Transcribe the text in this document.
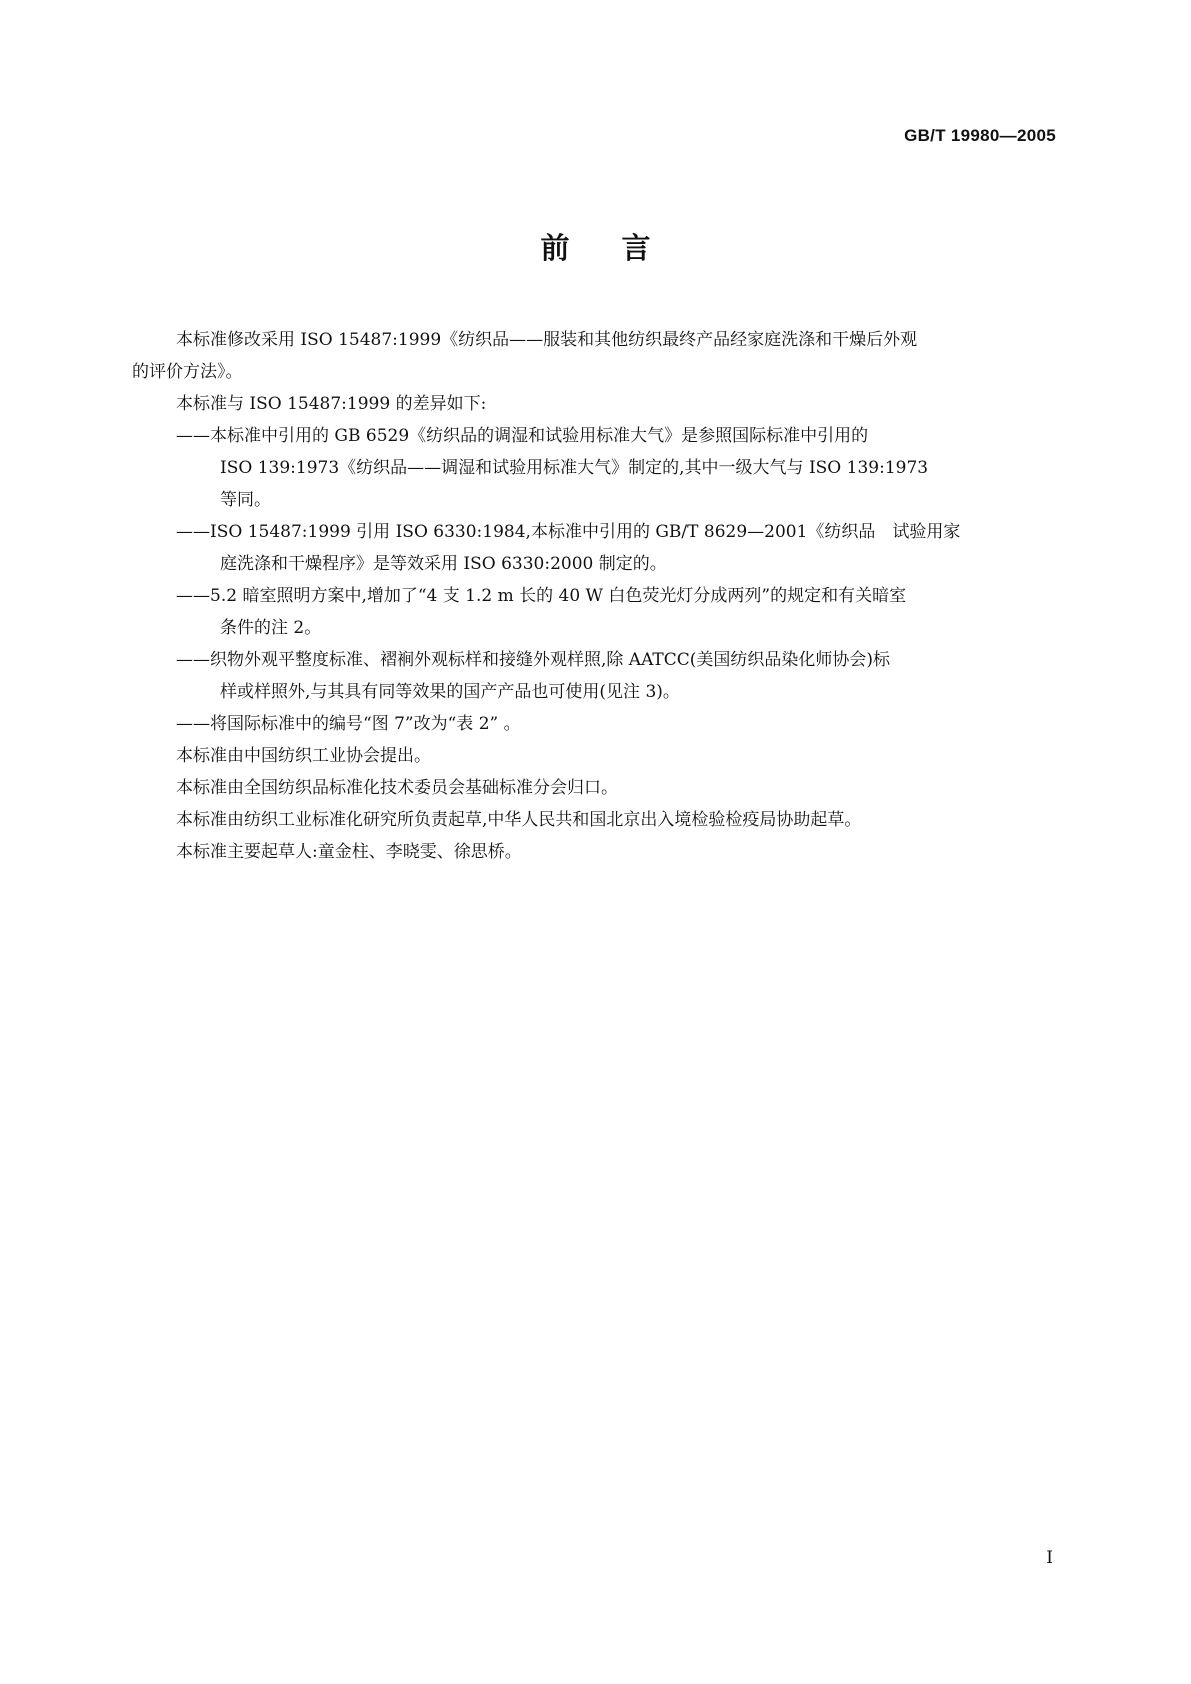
GB/T 19980—2005
前言

本标准修改采用 ISO 15487:1999《纺织品——服装和其他纺织最终产品经家庭洗涤和干燥后外观

的评价方法》。

本标准与 ISO 15487:1999 的差异如下:

——本标准中引用的 GB 6529《纺织品的调湿和试验用标准大气》是参照国际标准中引用的
ISO 139:1973《纺织品——调湿和试验用标准大气》制定的,其中一级大气与 ISO 139:1973
等同。
——ISO 15487:1999 引用 ISO 6330:1984,本标准中引用的 GB/T 8629—2001《纺织品　试验用家
庭洗涤和干燥程序》是等效采用 ISO 6330:2000 制定的。
——5.2 暗室照明方案中,增加了“4 支 1.2 m 长的 40 W 白色荧光灯分成两列”的规定和有关暗室
条件的注 2。
——织物外观平整度标准、褶裥外观标样和接缝外观样照,除 AATCC(美国纺织品染化师协会)标
样或样照外,与其具有同等效果的国产产品也可使用(见注 3)。
——将国际标准中的编号“图 7”改为“表 2” 。

本标准由中国纺织工业协会提出。

本标准由全国纺织品标准化技术委员会基础标准分会归口。

本标准由纺织工业标准化研究所负责起草,中华人民共和国北京出入境检验检疫局协助起草。

本标准主要起草人:童金柱、李晓雯、徐思桥。

I
